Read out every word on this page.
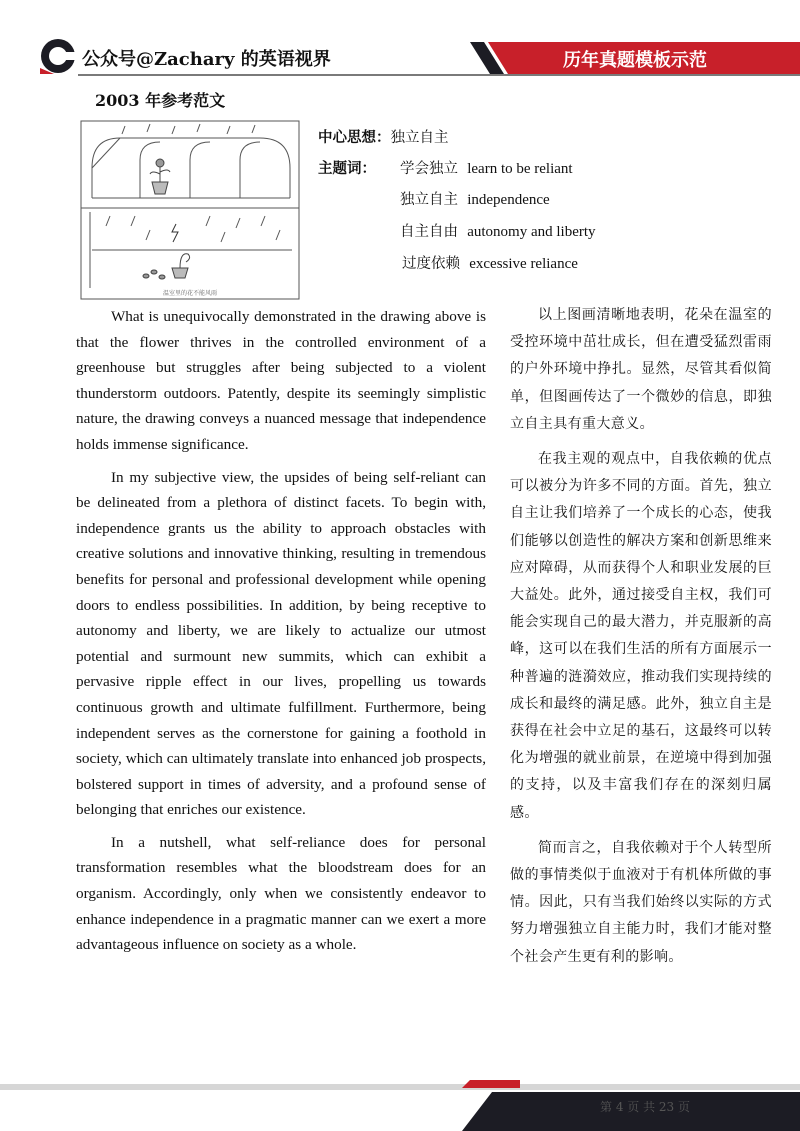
公众号@Zachary 的英语视界	历年真题模板示范
2003 年参考范文
温室里的花不能风雨
中心思想：独立自主
主题词： 学会独立 learn to be reliant
独立自主 independence
自主自由 autonomy and liberty
过度依赖 excessive reliance

What is unequivocally demonstrated in the drawing above is that the flower thrives in the controlled environment of a greenhouse but struggles after being subjected to a violent thunderstorm outdoors. Patently, despite its seemingly simplistic nature, the drawing conveys a nuanced message that independence holds immense significance.

In my subjective view, the upsides of being self-reliant can be delineated from a plethora of distinct facets. To begin with, independence grants us the ability to approach obstacles with creative solutions and innovative thinking, resulting in tremendous benefits for personal and professional development while opening doors to endless possibilities. In addition, by being receptive to autonomy and liberty, we are likely to actualize our utmost potential and surmount new summits, which can exhibit a pervasive ripple effect in our lives, propelling us towards continuous growth and ultimate fulfillment. Furthermore, being independent serves as the cornerstone for gaining a foothold in society, which can ultimately translate into enhanced job prospects, bolstered support in times of adversity, and a profound sense of belonging that enriches our existence.

In a nutshell, what self-reliance does for personal transformation resembles what the bloodstream does for an organism. Accordingly, only when we consistently endeavor to enhance independence in a pragmatic manner can we exert a more advantageous influence on society as a whole.

以上图画清晰地表明，花朵在温室的受控环境中茁壮成长，但在遭受猛烈雷雨的户外环境中挣扎。显然，尽管其看似简单，但图画传达了一个微妙的信息，即独立自主具有重大意义。

在我主观的观点中，自我依赖的优点可以被分为许多不同的方面。首先，独立自主让我们培养了一个成长的心态，使我们能够以创造性的解决方案和创新思维来应对障碍，从而获得个人和职业发展的巨大益处。此外，通过接受自主权，我们可能会实现自己的最大潜力，并克服新的高峰，这可以在我们生活的所有方面展示一种普遍的涟漪效应，推动我们实现持续的成长和最终的满足感。此外，独立自主是获得在社会中立足的基石，这最终可以转化为增强的就业前景，在逆境中得到加强的支持，以及丰富我们存在的深刻归属感。

简而言之，自我依赖对于个人转型所做的事情类似于血液对于有机体所做的事情。因此，只有当我们始终以实际的方式努力增强独立自主能力时，我们才能对整个社会产生更有利的影响。

第 4 页 共 23 页
